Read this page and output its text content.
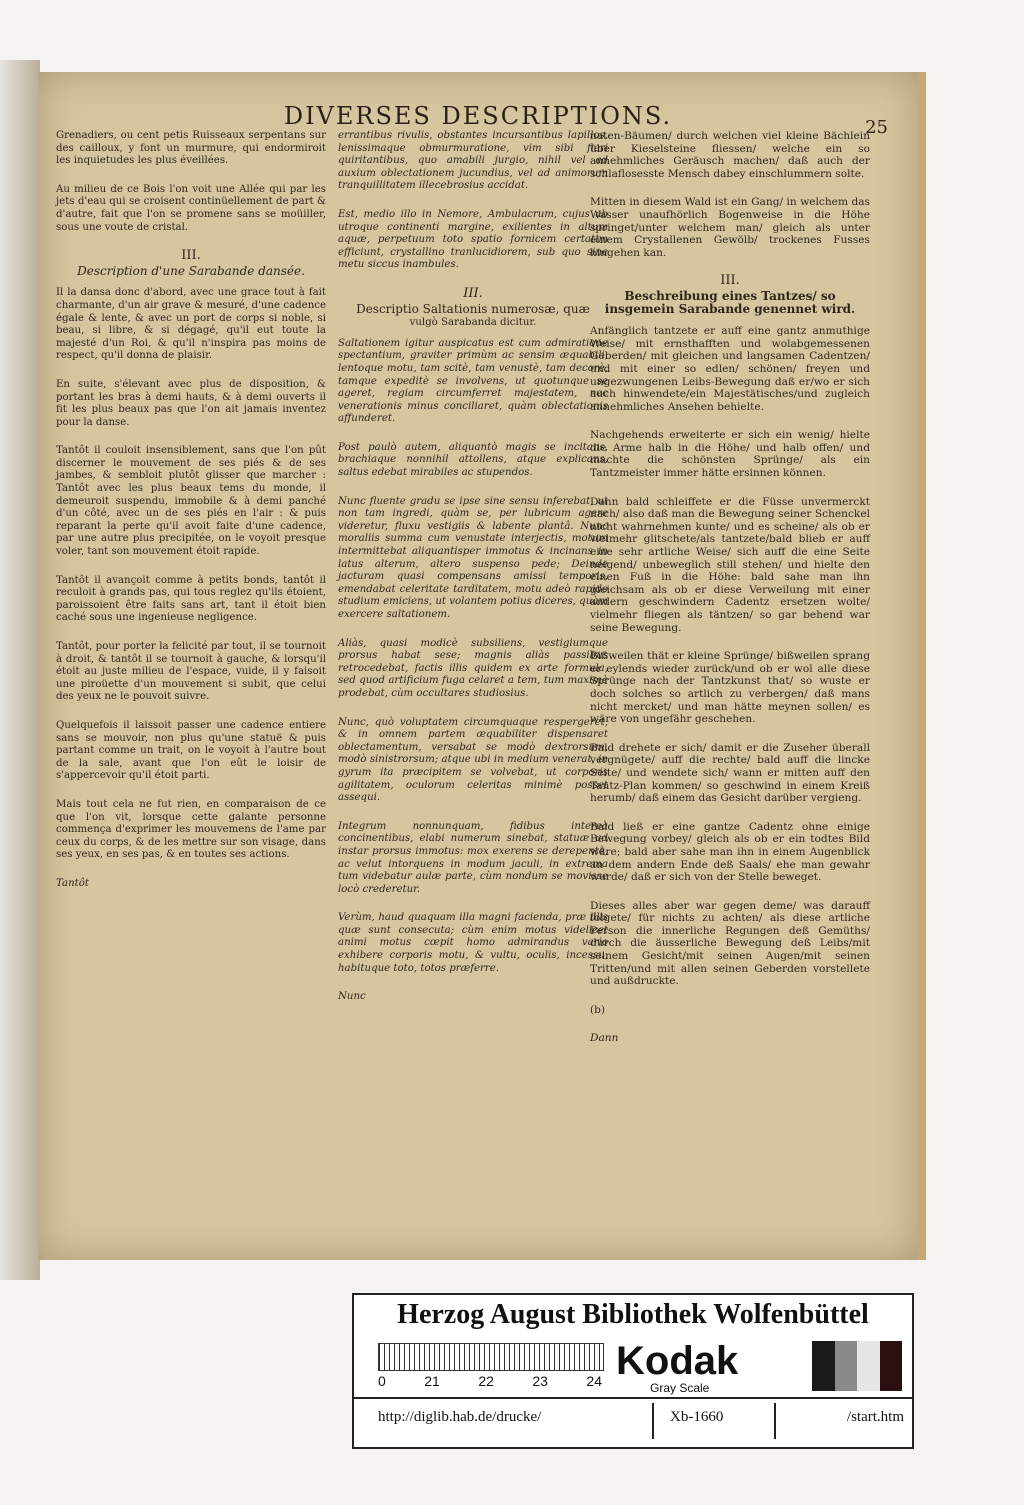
DIVERSES DESCRIPTIONS.	25

Grenadiers, ou cent petis Ruisseaux serpentans sur des cailloux, y font un murmure, qui endormiroit les inquietudes les plus éveillées.

Au milieu de ce Bois l'on voit une Allée qui par les jets d'eau qui se croisent continüellement de part & d'autre, fait que l'on se promene sans se moüiller, sous une voute de cristal.

III.
Description d'une Sarabande dansée.

Il la dansa donc d'abord, avec une grace tout à fait charmante, d'un air grave & mesuré, d'une cadence égale & lente, & avec un port de corps si noble, si beau, si libre, & si dégagé, qu'il eut toute la majesté d'un Roi, & qu'il n'inspira pas moins de respect, qu'il donna de plaisir.

En suite, s'élevant avec plus de disposition, & portant les bras à demi hauts, & à demi ouverts il fit les plus beaux pas que l'on ait jamais inventez pour la danse.

Tantôt il couloit insensiblement, sans que l'on pût discerner le mouvement de ses piés & de ses jambes, & sembloit plutôt glisser que marcher : Tantôt avec les plus beaux tems du monde, il demeuroit suspendu, immobile & à demi panché d'un côté, avec un de ses piés en l'air : & puis reparant la perte qu'il avoit faite d'une cadence, par une autre plus precipitée, on le voyoit presque voler, tant son mouvement étoit rapide.

Tantôt il avançoit comme à petits bonds, tantôt il reculoit à grands pas, qui tous reglez qu'ils étoient, paroissoient être faits sans art, tant il étoit bien caché sous une ingenieuse negligence.

Tantôt, pour porter la felicité par tout, il se tournoit à droit, & tantôt il se tournoit à gauche, & lorsqu'il étoit au juste milieu de l'espace, vuide, il y faisoit une piroüette d'un mouvement si subit, que celui des yeux ne le pouvoit suivre.

Quelquefois il laissoit passer une cadence entiere sans se mouvoir, non plus qu'une statuë & puis partant comme un trait, on le voyoit à l'autre bout de la sale, avant que l'on eût le loisir de s'appercevoir qu'il étoit parti.

Mais tout cela ne fut rien, en comparaison de ce que l'on vit, lorsque cette galante personne commença d'exprimer les mouvemens de l'ame par ceux du corps, & de les mettre sur son visage, dans ses yeux, en ses pas, & en toutes ses actions.

Tantôt

errantibus rivulis, obstantes incursantibus lapillos, lenissimaque obmurmuratione, vim sibi fieri quiritantibus, quo amabili jurgio, nihil vel ad auxium oblectationem jucundius, vel ad animorum tranquillitatem illecebrosius accidat.

Est, medio illo in Nemore, Ambulacrum, cujus ab utroque continenti margine, exilientes in altum aquæ, perpetuum toto spatio fornicem certatim efficiunt, crystallino tranlucidiorem, sub quo sine metu siccus inambules.

III.
Descriptio Saltationis numerosæ, quæ
vulgò Sarabanda dicitur.

Saltationem igitur auspicatus est cum admiratione spectantium, graviter primùm ac sensim æquabili, lentoque motu, tam scitè, tam venustè, tam decorè, tamque expeditè se involvens, ut quotunque se ageret, regiam circumferret majestatem, nec venerationis minus conciliaret, quàm oblectationis affunderet.

Post paulò autem, aliquantò magis se incitans, brachiaque nonnihil attollens, atque explicans, saltus edebat mirabiles ac stupendos.

Nunc fluente gradu se ipse sine sensu inferebat, ut non tam ingredi, quàm se, per lubricum agere videretur, fluxu vestigiis & labente plantâ. Nunc moraliis summa cum venustate interjectis, motum intermittebat aliquantisper immotus & incinans in latus alterum, altero suspenso pede; Deinde jacturam quasi compensans amissi temporis, emendabat celeritate tarditatem, motu adeò rapido studium emiciens, ut volantem potius diceres, quàm exercere saltationem.

Aliàs, quasi modicè subsiliens, vestigiumque prorsus habat sese; magnis aliàs passibus retrocedebat, factis illis quidem ex arte formula, sed quod artificium fuga celaret a tem, tum maximè prodebat, cùm occultares studiosius.

Nunc, quò voluptatem circumquaque respergeret, & in omnem partem æquabiliter dispensaret oblectamentum, versabat se modò dextrorsum, modò sinistrorsum; atque ubi in medium venerat, in gyrum ita præcipitem se volvebat, ut corporis agilitatem, oculorum celeritas minimè posset assequi.

Integrum nonnunquam, fidibus intereà concinentibus, elabi numerum sinebat, statuæ ad instar prorsus immotus: mox exerens se derepentè, ac velut intorquens in modum jaculi, in extrema tum videbatur aulæ parte, cùm nondum se movisse locò crederetur.

Verùm, haud quaquam illa magni facienda, præ illis quæ sunt consecuta; cùm enim motus videlicet animi motus cœpit homo admirandus vario exhibere corporis motu, & vultu, oculis, incessu, habituque toto, totos præferre.

Nunc

naten-Bäumen/ durch welchen viel kleine Bächlein über Kieselsteine fliessen/ welche ein so annehmliches Geräusch machen/ daß auch der schlaflosesste Mensch dabey einschlummern solte.

Mitten in diesem Wald ist ein Gang/ in welchem das Wasser unaufhörlich Bogenweise in die Höhe springet/unter welchem man/ gleich als unter einem Crystallenen Gewölb/ trockenes Fusses hingehen kan.

III.
Beschreibung eines Tantzes/ so insgemein Sarabande genennet wird.

Anfänglich tantzete er auff eine gantz anmuthige Weise/ mit ernsthafften und wolabgemessenen Geberden/ mit gleichen und langsamen Cadentzen/ und mit einer so edlen/ schönen/ freyen und ungezwungenen Leibs-Bewegung daß er/wo er sich auch hinwendete/ein Majestätisches/und zugleich annehmliches Ansehen behielte.

Nachgehends erweiterte er sich ein wenig/ hielte die Arme halb in die Höhe/ und halb offen/ und machte die schönsten Sprünge/ als ein Tantzmeister immer hätte ersinnen können.

Dann bald schleiffete er die Füsse unvermerckt nach/ also daß man die Bewegung seiner Schenckel nicht wahrnehmen kunte/ und es scheine/ als ob er vielmehr glitschete/als tantzete/bald blieb er auff eine sehr artliche Weise/ sich auff die eine Seite neigend/ unbeweglich still stehen/ und hielte den einen Fuß in die Höhe: bald sahe man ihn gleichsam als ob er diese Verweilung mit einer andern geschwindern Cadentz ersetzen wolte/ vielmehr fliegen als täntzen/ so gar behend war seine Bewegung.

Bißweilen thät er kleine Sprünge/ bißweilen sprang er eylends wieder zurück/und ob er wol alle diese Sprünge nach der Tantzkunst that/ so wuste er doch solches so artlich zu verbergen/ daß mans nicht mercket/ und man hätte meynen sollen/ es wäre von ungefähr geschehen.

Bald drehete er sich/ damit er die Zuseher überall vergnügete/ auff die rechte/ bald auff die lincke Seite/ und wendete sich/ wann er mitten auff den Tantz-Plan kommen/ so geschwind in einem Kreiß herumb/ daß einem das Gesicht darüber vergieng.

Bald ließ er eine gantze Cadentz ohne einige Bewegung vorbey/ gleich als ob er ein todtes Bild wäre; bald aber sahe man ihn in einem Augenblick an dem andern Ende deß Saals/ ehe man gewahr wurde/ daß er sich von der Stelle beweget.

Dieses alles aber war gegen deme/ was darauff folgete/ für nichts zu achten/ als diese artliche Person die innerliche Regungen deß Gemüths/ durch die äusserliche Bewegung deß Leibs/mit seinem Gesicht/mit seinen Augen/mit seinen Tritten/und mit allen seinen Geberden vorstellete und außdruckte.

(b)

Dann

Herzog August Bibliothek Wolfenbüttel
0	21	22	23	24 Kodak
Gray Scale
http://diglib.hab.de/drucke/	Xb-1660	/start.htm
